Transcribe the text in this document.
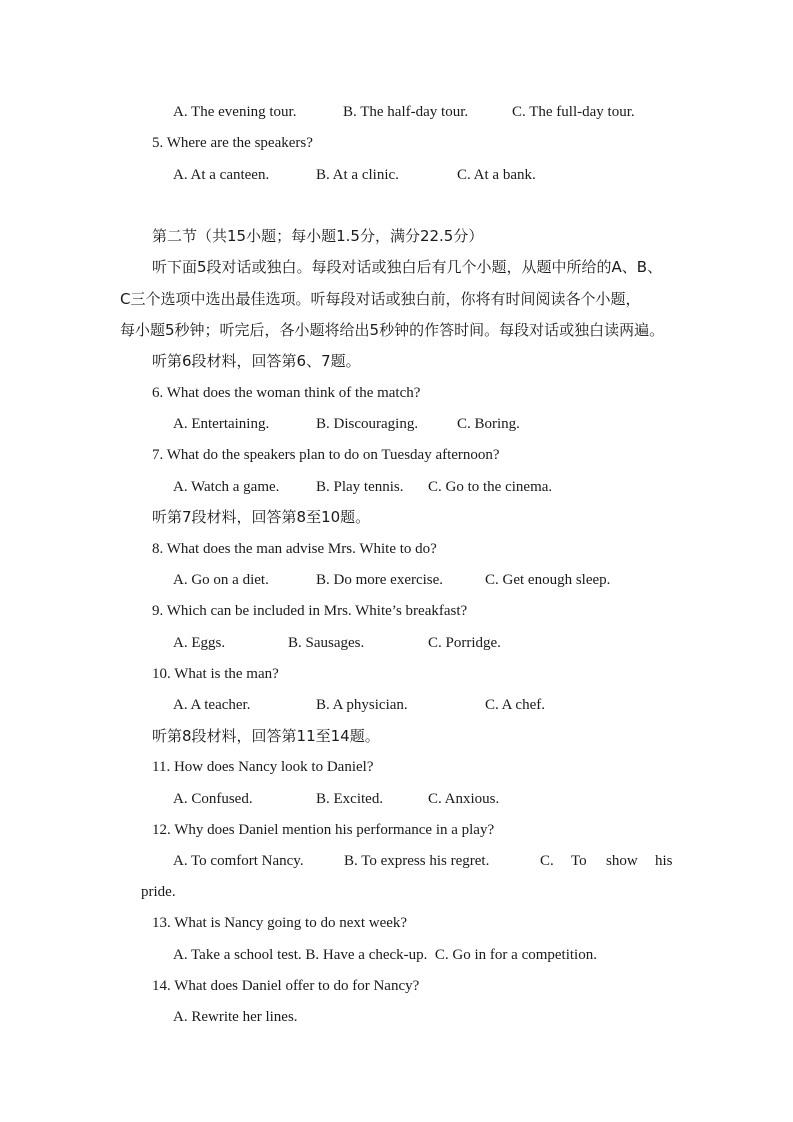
A. The evening tour.	B. The half-day tour.	C. The full-day tour.
5. Where are the speakers?
A. At a canteen.	B. At a clinic.	C. At a bank.
第二节（共15小题；每小题1.5分，满分22.5分）
听下面5段对话或独白。每段对话或独白后有几个小题，从题中所给的A、B、
C三个选项中选出最佳选项。听每段对话或独白前，你将有时间阅读各个小题，
每小题5秒钟；听完后，各小题将给出5秒钟的作答时间。每段对话或独白读两遍。
听第6段材料，回答第6、7题。
6. What does the woman think of the match?
A. Entertaining.	B. Discouraging.	C. Boring.
7. What do the speakers plan to do on Tuesday afternoon?
A. Watch a game. B. Play tennis. C. Go to the cinema.
听第7段材料，回答第8至10题。
8. What does the man advise Mrs. White to do?
A. Go on a diet.	B. Do more exercise.	C. Get enough sleep.
9. Which can be included in Mrs. White’s breakfast?
A. Eggs.	B. Sausages.	C. Porridge.
10. What is the man?
A. A teacher.	B. A physician.	C. A chef.
听第8段材料，回答第11至14题。
11. How does Nancy look to Daniel?
A. Confused.	B. Excited.	C. Anxious.
12. Why does Daniel mention his performance in a play?
A. To comfort Nancy.	B. To express his regret.	C. To show his
pride.
13. What is Nancy going to do next week?
A. Take a school test. B. Have a check-up.  C. Go in for a competition.
14. What does Daniel offer to do for Nancy?
A. Rewrite her lines.
